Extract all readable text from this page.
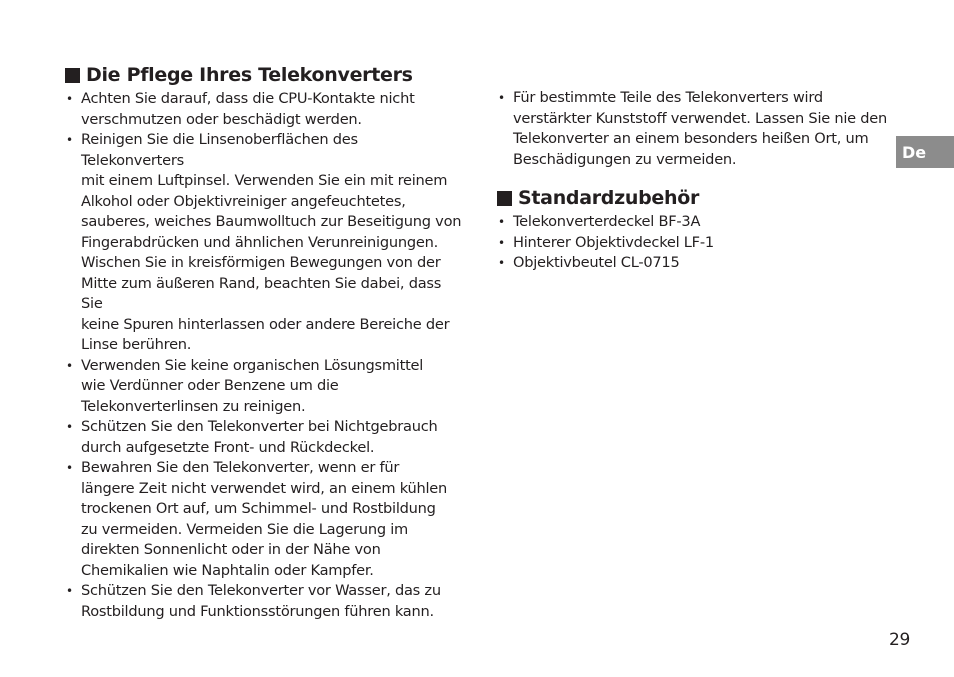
Die Pflege Ihres Telekonverters
• Achten Sie darauf, dass die CPU-Kontakte nicht
verschmutzen oder beschädigt werden.
• Reinigen Sie die Linsenoberflächen des Telekonverters
mit einem Luftpinsel. Verwenden Sie ein mit reinem
Alkohol oder Objektivreiniger angefeuchtetes,
sauberes, weiches Baumwolltuch zur Beseitigung von
Fingerabdrücken und ähnlichen Verunreinigungen.
Wischen Sie in kreisförmigen Bewegungen von der
Mitte zum äußeren Rand, beachten Sie dabei, dass Sie
keine Spuren hinterlassen oder andere Bereiche der
Linse berühren.
• Verwenden Sie keine organischen Lösungsmittel
wie Verdünner oder Benzene um die
Telekonverterlinsen zu reinigen.
• Schützen Sie den Telekonverter bei Nichtgebrauch
durch aufgesetzte Front- und Rückdeckel.
• Bewahren Sie den Telekonverter, wenn er für
längere Zeit nicht verwendet wird, an einem kühlen
trockenen Ort auf, um Schimmel- und Rostbildung
zu vermeiden. Vermeiden Sie die Lagerung im
direkten Sonnenlicht oder in der Nähe von
Chemikalien wie Naphtalin oder Kampfer.
• Schützen Sie den Telekonverter vor Wasser, das zu
Rostbildung und Funktionsstörungen führen kann.
• Für bestimmte Teile des Telekonverters wird
verstärkter Kunststoff verwendet. Lassen Sie nie den
Telekonverter an einem besonders heißen Ort, um
Beschädigungen zu vermeiden.
Standardzubehör
• Telekonverterdeckel BF-3A
• Hinterer Objektivdeckel LF-1
• Objektivbeutel CL-0715
De
29
